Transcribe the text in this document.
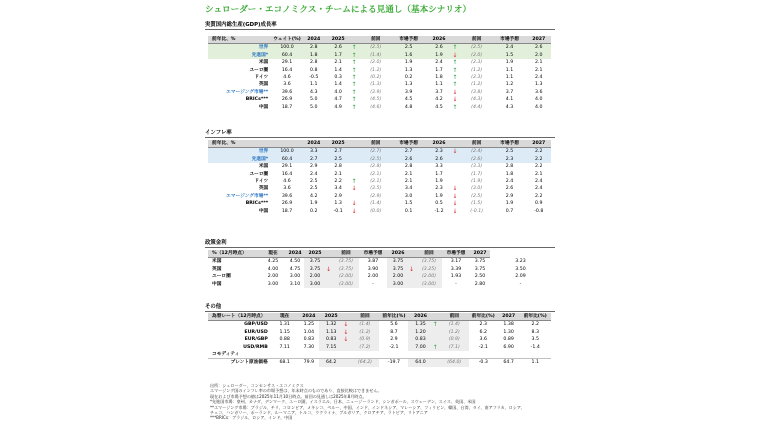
シュローダー・エコノミクス・チームによる見通し（基本シナリオ）
実質国内総生産(GDP)成長率
前年比、%	ウェイト(%)	2024	2025		前回	市場予想	2026		前回	市場予想	2027
世界	100.0	2.8	2.6	↑	(2.5)	2.5	2.6	↑	(2.5)	2.4	2.6
先進国*	60.4	1.8	1.7	↑	(1.4)	1.6	1.9	↓	(2.0)	1.5	2.0
米国	29.1	2.8	2.1	↑	(2.0)	1.9	2.4	↑	(2.3)	1.9	2.1
ユーロ圏	16.4	0.8	1.4	↑	(1.2)	1.3	1.7	↑	(1.2)	1.1	2.1
ドイツ	4.6	-0.5	0.3	↑	(0.2)	0.2	1.8	↑	(2.3)	1.1	2.4
英国	3.6	1.1	1.4	↑	(1.3)	1.3	1.1	↑	(1.2)	1.2	1.3
エマージング市場**	39.6	4.3	4.0	↑	(3.9)	3.9	3.7	↓	(3.8)	3.7	3.6
BRICs***	26.9	5.0	4.7	↑	(4.5)	4.5	4.2	↓	(4.3)	4.1	4.0
中国	18.7	5.0	4.9	↑	(4.6)	4.8	4.5	↑	(4.4)	4.3	4.0
インフレ率
前年比、%		2024	2025		前回	市場予想	2026		前回	市場予想	2027
世界	100.0	3.3	2.7		(2.7)	2.7	2.3	↓	(2.4)	2.5	2.2
先進国*	60.4	2.7	2.5		(2.5)	2.6	2.6		(2.6)	2.3	2.2
米国	29.1	2.9	2.8		(2.8)	2.8	3.3		(3.3)	2.8	2.2
ユーロ圏	16.4	2.4	2.1		(2.1)	2.1	1.7		(1.7)	1.8	2.1
ドイツ	4.6	2.5	2.2	↑	(2.1)	2.1	1.9		(1.9)	2.4	2.4
英国	3.6	2.5	3.4	↓	(3.5)	3.4	2.3	↓	(3.0)	2.6	2.4
エマージング市場**	39.6	4.2	2.9		(2.9)	3.0	1.9	↓	(2.5)	2.9	2.2
BRICs***	26.9	1.9	1.3	↓	(1.4)	1.5	0.5	↓	(1.5)	1.9	0.9
中国	18.7	0.2	-0.1	↓	(0.0)	0.1	-1.2	↓	(-0.1)	0.7	-0.8
政策金利
%（12月時点）	現在	2024	2025		前回	市場予想	2026		前回	市場予想	2027	
米国	4.25	4.50	3.75		(3.75)	3.87	3.75		(3.75)	3.17	3.75	3.23
英国	4.00	4.75	3.75	↓	(3.75)	3.90	3.75	↓	(3.25)	3.39	3.75	3.50
ユーロ圏	2.00	3.00	2.00		(2.00)	2.00	2.00		(2.00)	1.93	2.50	2.09
中国	3.00	3.10	3.00		(3.00)	-	3.00		(3.00)	-	2.80	-
その他
為替レート（12月時点）	現在	2024	2025		前回	前年比(%)	2026		前回	前年比(%)	2027	前年比(%)
GBP/USD	1.31	1.25	1.32	↓	(1.4)	5.6	1.35	↑	(1.4)	2.3	1.38	2.2
EUR/USD	1.15	1.04	1.13	↓	(1.2)	8.7	1.20		(1.2)	6.2	1.30	8.3
EUR/GBP	0.88	0.83	0.83	↓	(0.9)	2.9	0.83		(0.9)	3.6	0.89	3.5
USD/RMB	7.11	7.30	7.15		(7.2)	-2.1	7.00	↑	(7.1)	-2.1	6.90	-1.4
コモディティ												
ブレント原油価格	68.1	79.9	64.2		(64.2)	-19.7	64.0		(64.0)	-0.3	64.7	1.1
出所：シュローダー、コンセンサス・エコノミクス
エマージング国のインフレ率の市場予想は、年末時点のものであり、直接比較はできません。
現在および市場予想の値は2025年11月10日時点。前回の見通しは2025年8月時点。
*先進国市場：豪州、カナダ、デンマーク、ユーロ圏、イスラエル、日本、ニュージーランド、シンガポール、スウェーデン、スイス、英国、米国
**エマージング市場：ブラジル、チリ、コロンビア、メキシコ、ペルー、中国、インド、インドネシア、マレーシア、フィリピン、韓国、台湾、タイ、南アフリカ、ロシア、
チェコ、ハンガリー、ポーランド、ルーマニア、トルコ、ウクライナ、ブルガリア、クロアチア、ラトビア、リトアニア
***BRICs：ブラジル、ロシア、インド、中国
